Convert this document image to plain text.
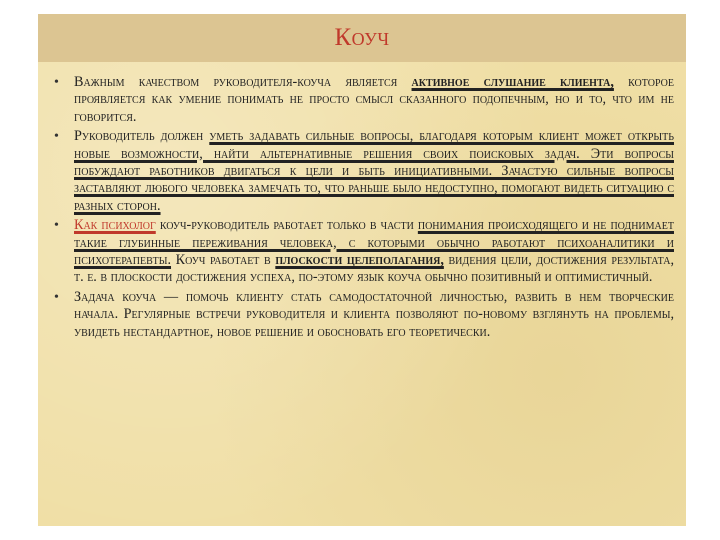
Коуч
• Важным качеством руководителя-коуча является активное слушание клиента, которое проявляется как умение понимать не просто смысл сказанного подопечным, но и то, что им не говорится.
• Руководитель должен уметь задавать сильные вопросы, благодаря которым клиент может открыть новые возможности, найти альтернативные решения своих поисковых задач. Эти вопросы побуждают работников двигаться к цели и быть инициативными. Зачастую сильные вопросы заставляют любого человека замечать то, что раньше было недоступно, помогают видеть ситуацию с разных сторон.
• Как психолог коуч-руководитель работает только в части понимания происходящего и не поднимает такие глубинные переживания человека, с которыми обычно работают психоаналитики и психотерапевты. Коуч работает в плоскости целеполагания, видения цели, достижения результата, т. е. в плоскости достижения успеха, по-этому язык коуча обычно позитивный и оптимистичный.
• Задача коуча — помочь клиенту стать самодостаточной личностью, развить в нем творческие начала. Регулярные встречи руководителя и клиента позволяют по-новому взглянуть на проблемы, увидеть нестандартное, новое решение и обосновать его теоретически.
